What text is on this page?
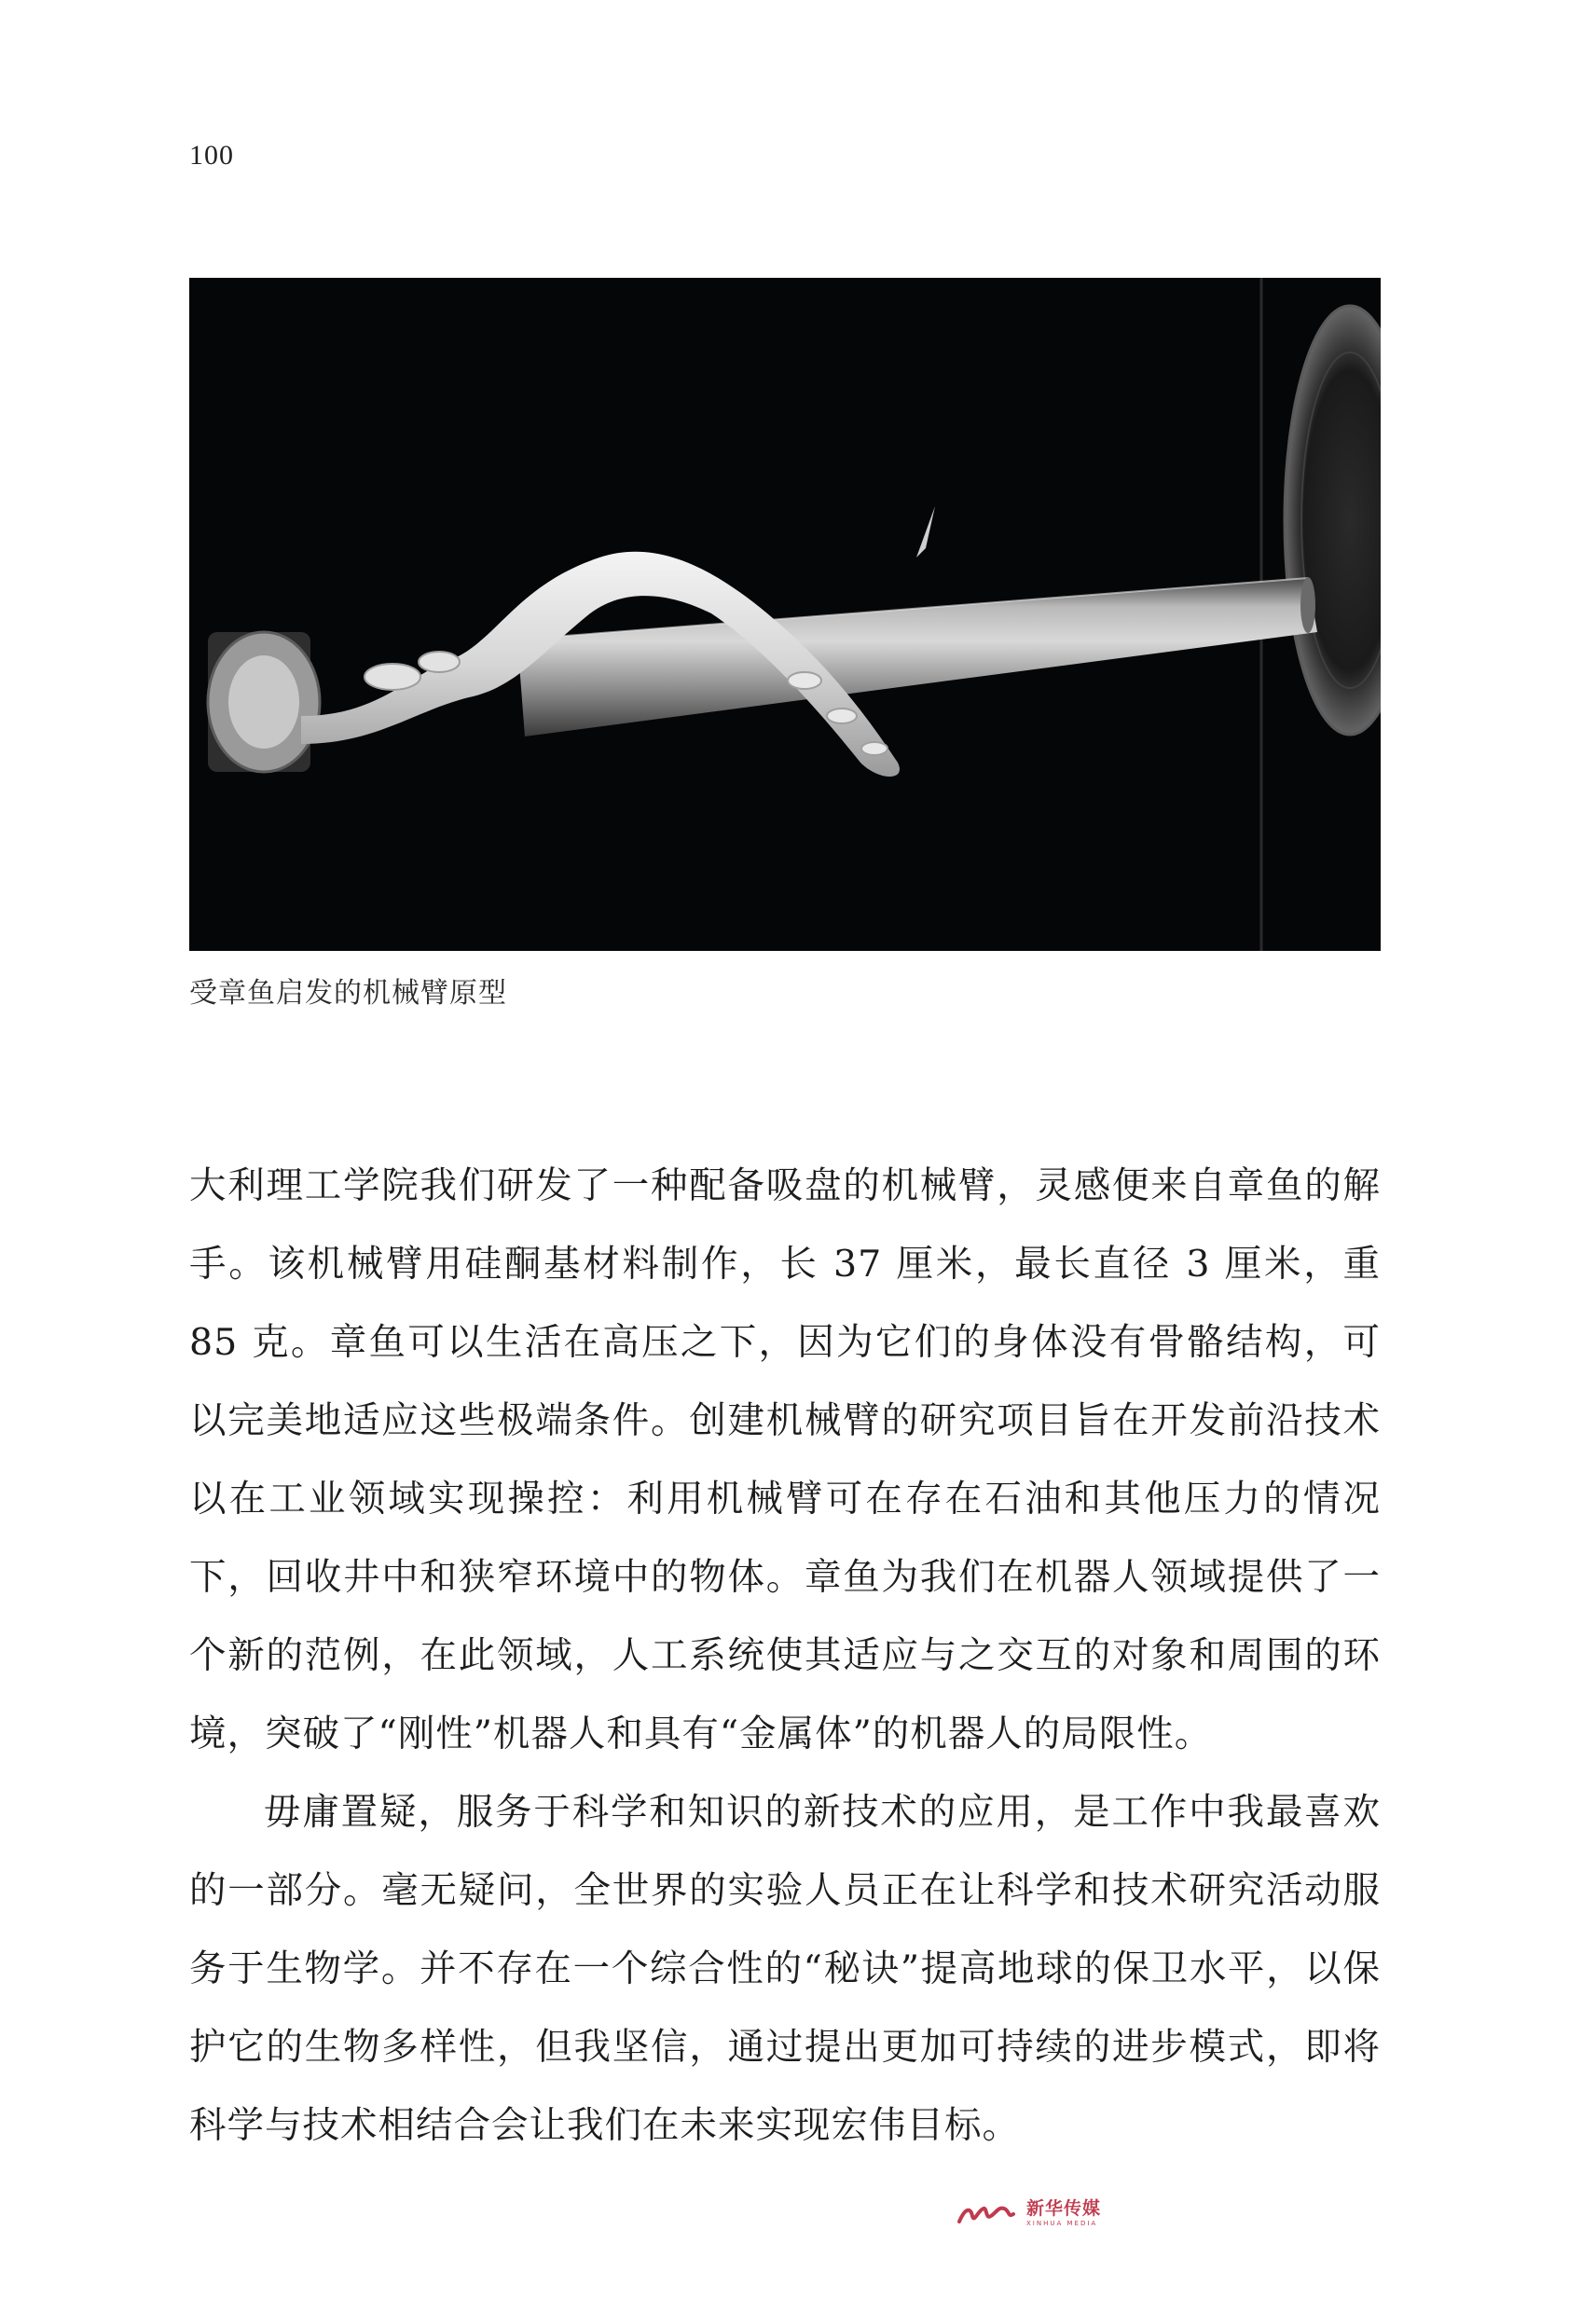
100
受章鱼启发的机械臂原型

大利理工学院我们研发了一种配备吸盘的机械臂，灵感便来自章鱼的解手。该机械臂用硅酮基材料制作，长 37 厘米，最长直径 3 厘米，重 85 克。章鱼可以生活在高压之下，因为它们的身体没有骨骼结构，可以完美地适应这些极端条件。创建机械臂的研究项目旨在开发前沿技术以在工业领域实现操控：利用机械臂可在存在石油和其他压力的情况下，回收井中和狭窄环境中的物体。章鱼为我们在机器人领域提供了一个新的范例，在此领域，人工系统使其适应与之交互的对象和周围的环境，突破了“刚性”机器人和具有“金属体”的机器人的局限性。

毋庸置疑，服务于科学和知识的新技术的应用，是工作中我最喜欢的一部分。毫无疑问，全世界的实验人员正在让科学和技术研究活动服务于生物学。并不存在一个综合性的“秘诀”提高地球的保卫水平，以保护它的生物多样性，但我坚信，通过提出更加可持续的进步模式，即将科学与技术相结合会让我们在未来实现宏伟目标。

新华传媒
XINHUA MEDIA
